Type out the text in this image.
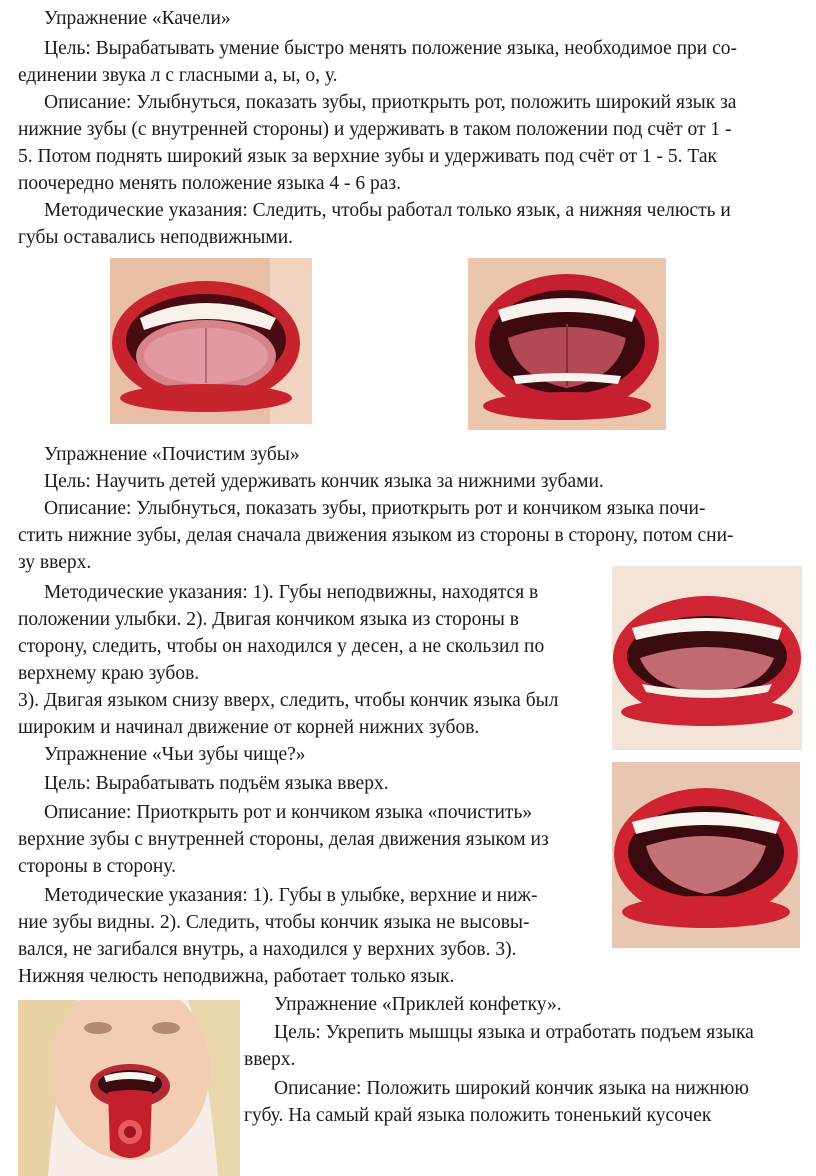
Упражнение «Качели»
Цель: Вырабатывать умение быстро менять положение языка, необходимое при со-
единении звука л с гласными а, ы, о, у.
Описание: Улыбнуться, показать зубы, приоткрыть рот, положить широкий язык за
нижние зубы (с внутренней стороны) и удерживать в таком положении под счёт от 1 -
5. Потом поднять широкий язык за верхние зубы и удерживать под счёт от 1 - 5. Так
поочередно менять положение языка 4 - 6 раз.
Методические указания: Следить, чтобы работал только язык, а нижняя челюсть и
губы оставались неподвижными.
Упражнение «Почистим зубы»
Цель: Научить детей удерживать кончик языка за нижними зубами.
Описание: Улыбнуться, показать зубы, приоткрыть рот и кончиком языка почи-
стить нижние зубы, делая сначала движения языком из стороны в сторону, потом сни-
зу вверх.
Методические указания: 1). Губы неподвижны, находятся в
положении улыбки. 2). Двигая кончиком языка из стороны в
сторону, следить, чтобы он находился у десен, а не скользил по
верхнему краю зубов.
3). Двигая языком снизу вверх, следить, чтобы кончик языка был
широким и начинал движение от корней нижних зубов.
Упражнение «Чьи зубы чище?»
Цель: Вырабатывать подъём языка вверх.
Описание: Приоткрыть рот и кончиком языка «почистить»
верхние зубы с внутренней стороны, делая движения языком из
стороны в сторону.
Методические указания: 1). Губы в улыбке, верхние и ниж-
ние зубы видны. 2). Следить, чтобы кончик языка не высовы-
вался, не загибался внутрь, а находился у верхних зубов. 3).
Нижняя челюсть неподвижна, работает только язык.
Упражнение «Приклей конфетку».
Цель: Укрепить мышцы языка и отработать подъем языка
вверх.
Описание: Положить широкий кончик языка на нижнюю
губу. На самый край языка положить тоненький кусочек
